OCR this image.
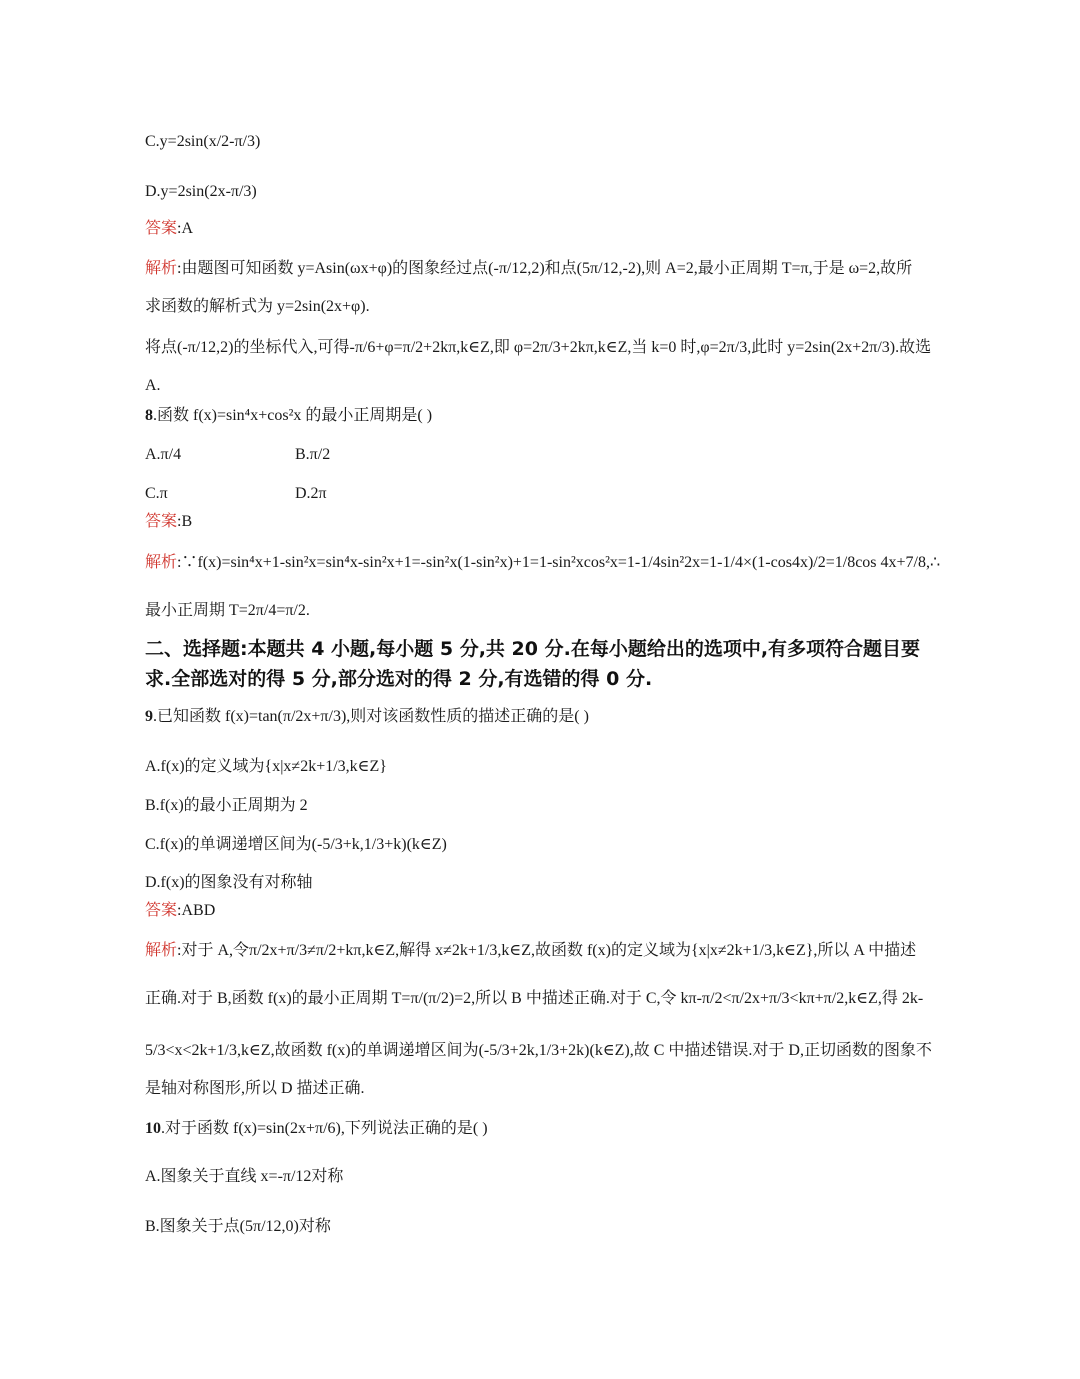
C.y=2sin(x/2-π/3)
D.y=2sin(2x-π/3)
答案:A
解析:由题图可知函数 y=Asin(ωx+φ)的图象经过点(-π/12,2)和点(5π/12,-2),则 A=2,最小正周期 T=π,于是 ω=2,故所
求函数的解析式为 y=2sin(2x+φ).
将点(-π/12,2)的坐标代入,可得-π/6+φ=π/2+2kπ,k∈Z,即 φ=2π/3+2kπ,k∈Z,当 k=0 时,φ=2π/3,此时 y=2sin(2x+2π/3).故选
A.
8.函数 f(x)=sin⁴x+cos²x 的最小正周期是( )
A.π/4	B.π/2
C.π	D.2π
答案:B
解析:∵f(x)=sin⁴x+1-sin²x=sin⁴x-sin²x+1=-sin²x(1-sin²x)+1=1-sin²xcos²x=1-1/4sin²2x=1-1/4×(1-cos4x)/2=1/8cos 4x+7/8,∴
最小正周期 T=2π/4=π/2.
二、选择题:本题共 4 小题,每小题 5 分,共 20 分.在每小题给出的选项中,有多项符合题目要求.全部选对的得 5 分,部分选对的得 2 分,有选错的得 0 分.
9.已知函数 f(x)=tan(π/2x+π/3),则对该函数性质的描述正确的是( )
A.f(x)的定义域为{x|x≠2k+1/3,k∈Z}
B.f(x)的最小正周期为 2
C.f(x)的单调递增区间为(-5/3+k,1/3+k)(k∈Z)
D.f(x)的图象没有对称轴
答案:ABD
解析:对于 A,令π/2x+π/3≠π/2+kπ,k∈Z,解得 x≠2k+1/3,k∈Z,故函数 f(x)的定义域为{x|x≠2k+1/3,k∈Z},所以 A 中描述
正确.对于 B,函数 f(x)的最小正周期 T=π/(π/2)=2,所以 B 中描述正确.对于 C,令 kπ-π/2<π/2x+π/3<kπ+π/2,k∈Z,得 2k-
5/3<x<2k+1/3,k∈Z,故函数 f(x)的单调递增区间为(-5/3+2k,1/3+2k)(k∈Z),故 C 中描述错误.对于 D,正切函数的图象不
是轴对称图形,所以 D 描述正确.
10.对于函数 f(x)=sin(2x+π/6),下列说法正确的是( )
A.图象关于直线 x=-π/12对称
B.图象关于点(5π/12,0)对称
